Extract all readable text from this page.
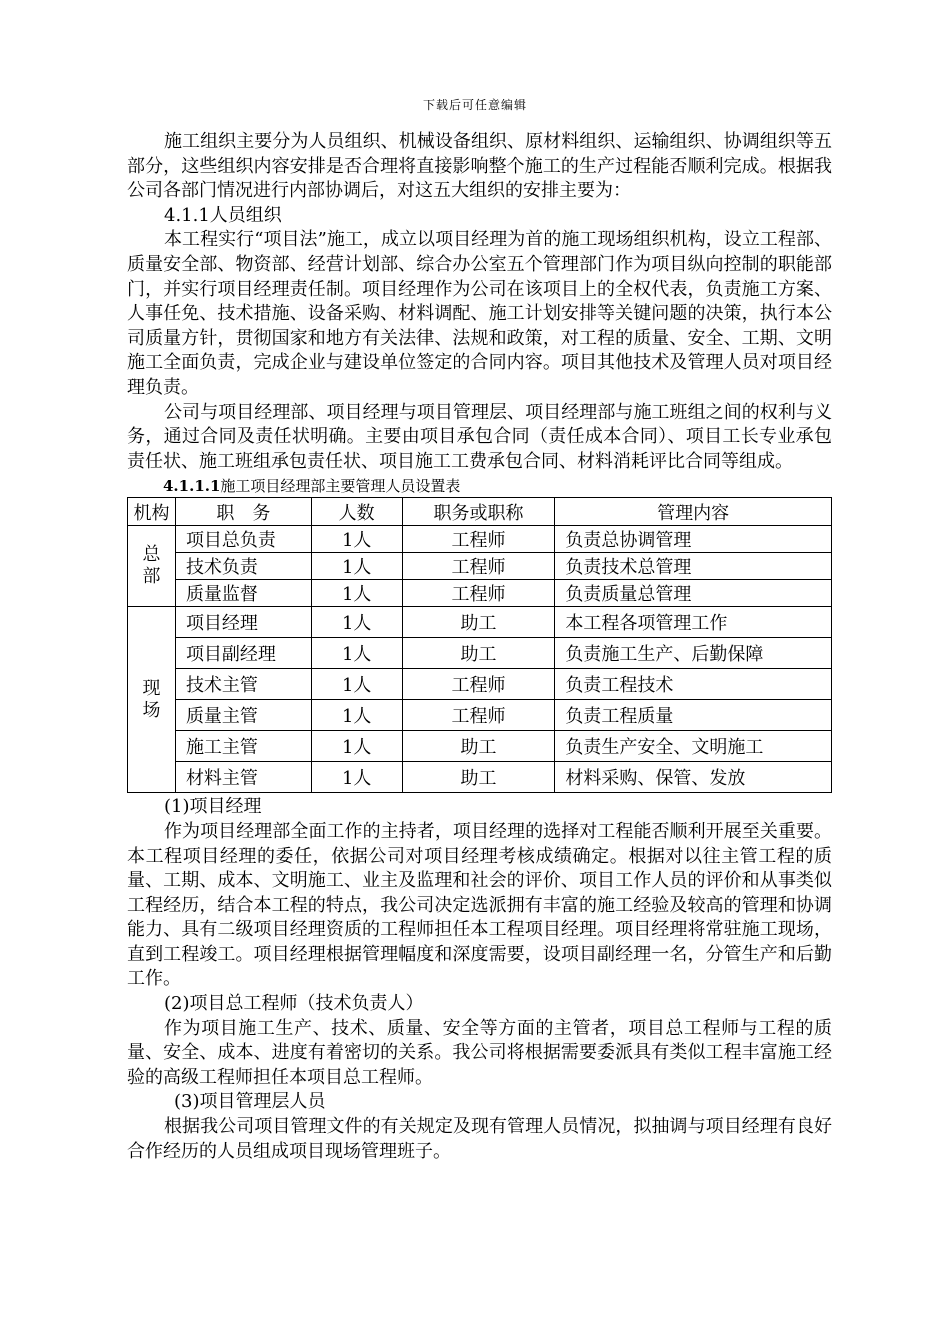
下载后可任意编辑

施工组织主要分为人员组织、机械设备组织、原材料组织、运输组织、协调组织等五部分，这些组织内容安排是否合理将直接影响整个施工的生产过程能否顺利完成。根据我公司各部门情况进行内部协调后，对这五大组织的安排主要为：

4.1.1人员组织

本工程实行“项目法”施工，成立以项目经理为首的施工现场组织机构，设立工程部、质量安全部、物资部、经营计划部、综合办公室五个管理部门作为项目纵向控制的职能部门，并实行项目经理责任制。项目经理作为公司在该项目上的全权代表，负责施工方案、人事任免、技术措施、设备采购、材料调配、施工计划安排等关键问题的决策，执行本公司质量方针，贯彻国家和地方有关法律、法规和政策，对工程的质量、安全、工期、文明施工全面负责，完成企业与建设单位签定的合同内容。项目其他技术及管理人员对项目经理负责。

公司与项目经理部、项目经理与项目管理层、项目经理部与施工班组之间的权利与义务，通过合同及责任状明确。主要由项目承包合同（责任成本合同）、项目工长专业承包责任状、施工班组承包责任状、项目施工工费承包合同、材料消耗评比合同等组成。

4.1.1.1施工项目经理部主要管理人员设置表
机构	职　务	人数	职务或职称	管理内容
总
部	项目总负责	1人	工程师	负责总协调管理
	技术负责	1人	工程师	负责技术总管理
	质量监督	1人	工程师	负责质量总管理
现
场	项目经理	1人	助工	本工程各项管理工作
	项目副经理	1人	助工	负责施工生产、后勤保障
	技术主管	1人	工程师	负责工程技术
	质量主管	1人	工程师	负责工程质量
	施工主管	1人	助工	负责生产安全、文明施工
	材料主管	1人	助工	材料采购、保管、发放

(1)项目经理

作为项目经理部全面工作的主持者，项目经理的选择对工程能否顺利开展至关重要。本工程项目经理的委任，依据公司对项目经理考核成绩确定。根据对以往主管工程的质量、工期、成本、文明施工、业主及监理和社会的评价、项目工作人员的评价和从事类似工程经历，结合本工程的特点，我公司决定选派拥有丰富的施工经验及较高的管理和协调能力、具有二级项目经理资质的工程师担任本工程项目经理。项目经理将常驻施工现场，直到工程竣工。项目经理根据管理幅度和深度需要，设项目副经理一名，分管生产和后勤工作。

(2)项目总工程师（技术负责人）

作为项目施工生产、技术、质量、安全等方面的主管者，项目总工程师与工程的质量、安全、成本、进度有着密切的关系。我公司将根据需要委派具有类似工程丰富施工经验的高级工程师担任本项目总工程师。

(3)项目管理层人员

根据我公司项目管理文件的有关规定及现有管理人员情况，拟抽调与项目经理有良好合作经历的人员组成项目现场管理班子。
